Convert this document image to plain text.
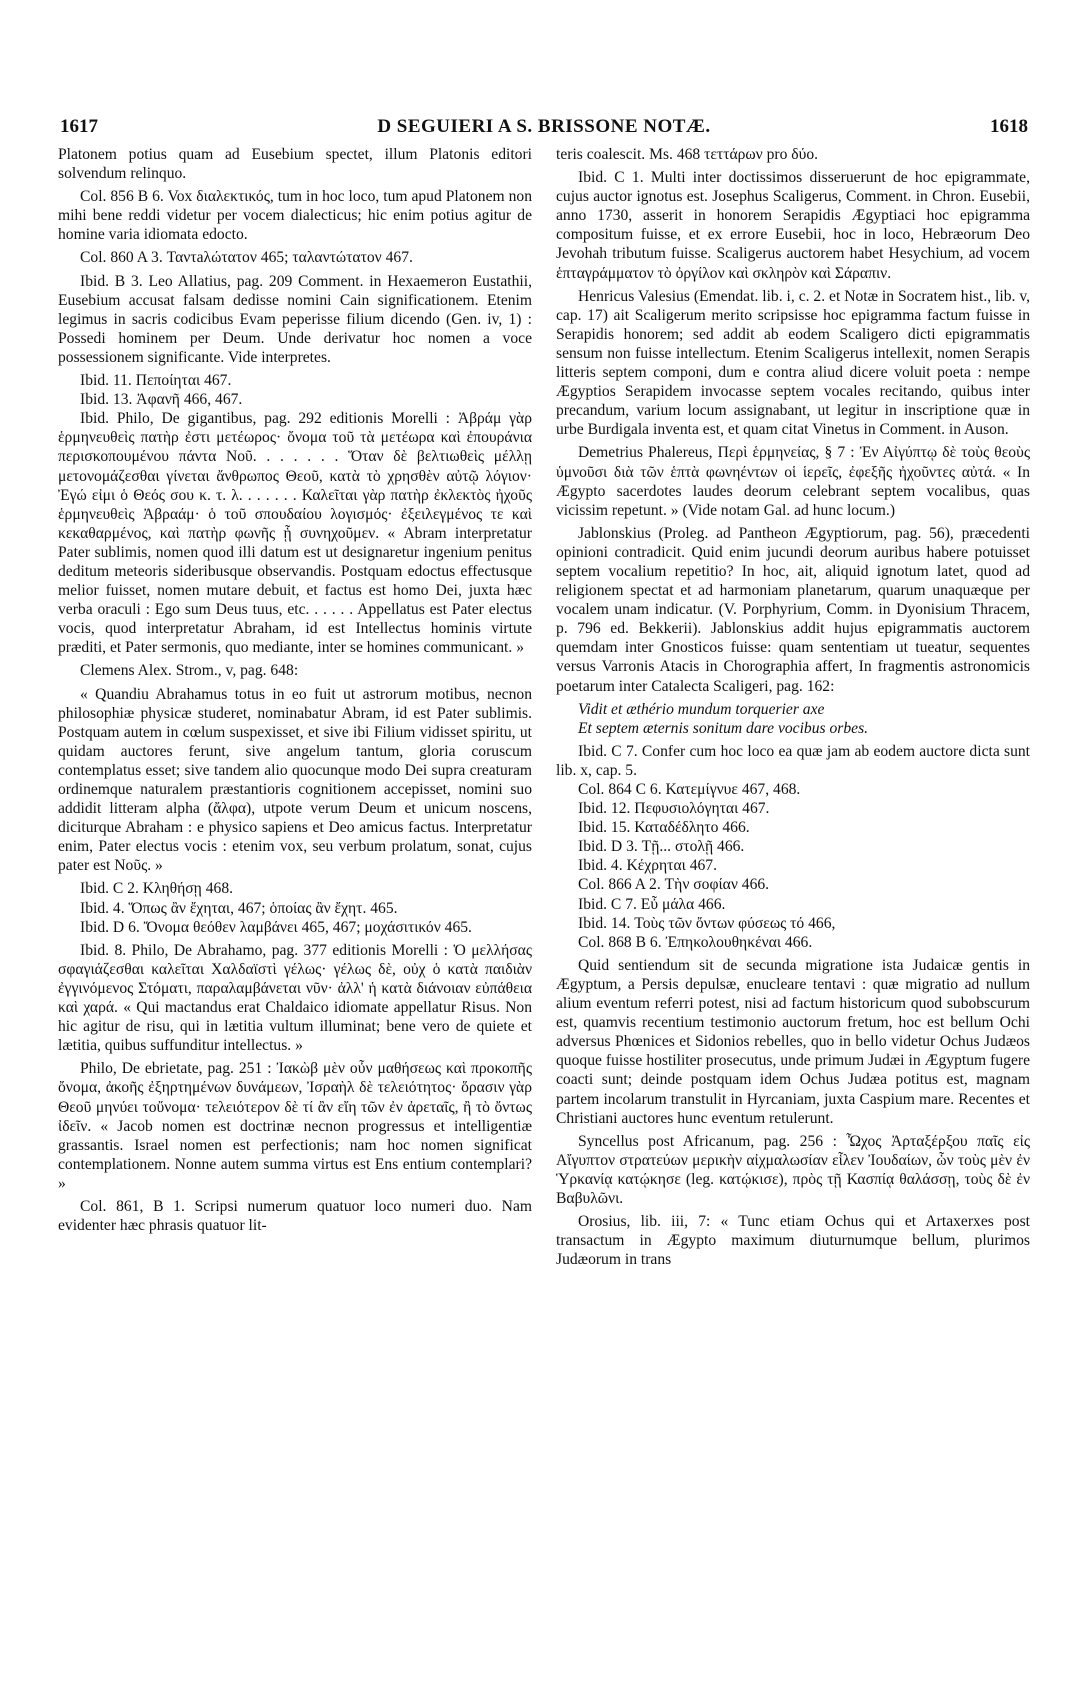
1617	D SEGUIERI A S. BRISSONE NOTÆ.	1618

Platonem potius quam ad Eusebium spectet, illum Platonis editori solvendum relinquo.

Col. 856 B 6. Vox διαλεκτικός, tum in hoc loco, tum apud Platonem non mihi bene reddi videtur per vocem dialecticus; hic enim potius agitur de homine varia idiomata edocto.

Col. 860 A 3. Ταντaλώτατον 465; ταλαντώτατον 467.

Ibid. B 3. Leo Allatius, pag. 209 Comment. in Hexaemeron Eustathii, Eusebium accusat falsam dedisse nomini Cain significationem. Etenim legimus in sacris codicibus Evam peperisse filium dicendo (Gen. iv, 1) : Possedi hominem per Deum. Unde derivatur hoc nomen a voce possessionem significante. Vide interpretes.

Ibid. 11. Πεποίηται 467.

Ibid. 13. Ἀφανῆ 466, 467.

Ibid. Philo, De gigantibus, pag. 292 editionis Morelli : Ἀβράμ γὰρ ἑρμηνευθεὶς πατὴρ ἐστι μετέωρος· ὄνομα τοῦ τὰ μετέωρα καὶ ἐπουράνια περισκοπουμένου πάντα Νοῦ. . . . . . . Ὅταν δὲ βελτιωθεὶς μέλλῃ μετονομάζεσθαι γίνεται ἄνθρωπος Θεοῦ, κατὰ τὸ χρησθὲν αὐτῷ λόγιον· Ἐγώ εἰμι ὁ Θεός σου κ. τ. λ. . . . . . . Καλεῖται γὰρ πατὴρ ἐκλεκτὸς ἠχοῦς ἑρμηνευθεὶς Ἀβραάμ· ὁ τοῦ σπουδαίου λογισμός· ἐξειλεγμένος τε καὶ κεκαθαρμένος, καὶ πατὴρ φωνῆς ᾗ συνηχοῦμεν. « Abram interpretatur Pater sublimis, nomen quod illi datum est ut designaretur ingenium penitus deditum meteoris sideribusque observandis. Postquam edoctus effectusque melior fuisset, nomen mutare debuit, et factus est homo Dei, juxta hæc verba oraculi : Ego sum Deus tuus, etc. . . . . . Appellatus est Pater electus vocis, quod interpretatur Abraham, id est Intellectus hominis virtute præditi, et Pater sermonis, quo mediante, inter se homines communicant. »

Clemens Alex. Strom., v, pag. 648:

« Quandiu Abrahamus totus in eo fuit ut astrorum motibus, necnon philosophiæ physicæ studeret, nominabatur Abram, id est Pater sublimis. Postquam autem in cœlum suspexisset, et sive ibi Filium vidisset spiritu, ut quidam auctores ferunt, sive angelum tantum, gloria coruscum contemplatus esset; sive tandem alio quocunque modo Dei supra creaturam ordinemque naturalem præstantioris cognitionem accepisset, nomini suo addidit litteram alpha (ἄλφα), utpote verum Deum et unicum noscens, diciturque Abraham : e physico sapiens et Deo amicus factus. Interpretatur enim, Pater electus vocis : etenim vox, seu verbum prolatum, sonat, cujus pater est Νοῦς. »

Ibid. C 2. Κληθήσῃ 468.

Ibid. 4. Ὅπως ἂν ἔχηται, 467; ὁποίας ἂν ἔχητ. 465.

Ibid. D 6. Ὄνομα θεόθεν λαμβάνει 465, 467; μοχάσιτικόν 465.

Ibid. 8. Philo, De Abrahamo, pag. 377 editionis Morelli : Ὁ μελλήσας σφαγιάζεσθαι καλεῖται Χαλδαϊστὶ γέλως· γέλως δὲ, οὐχ ὁ κατὰ παιδιὰν ἐγγινόμενος Στόματι, παραλαμβάνεται νῦν· ἀλλ' ἡ κατὰ διάνοιαν εὐπάθεια καὶ χαρά. « Qui mactandus erat Chaldaico idiomate appellatur Risus. Non hic agitur de risu, qui in lætitia vultum illuminat; bene vero de quiete et lætitia, quibus suffunditur intellectus. »

Philo, De ebrietate, pag. 251 : Ἰακὼβ μὲν οὖν μαθήσεως καὶ προκοπῆς ὄνομα, ἀκοῆς ἐξηρτημένων δυνάμεων, Ἰσραὴλ δὲ τελειότητος· ὅρασιν γὰρ Θεοῦ μηνύει τοὔνομα· τελειότερον δὲ τί ἂν εἴη τῶν ἐν ἀρεταῖς, ἢ τὸ ὄντως ἰδεῖν. « Jacob nomen est doctrinæ necnon progressus et intelligentiæ grassantis. Israel nomen est perfectionis; nam hoc nomen significat contemplationem. Nonne autem summa virtus est Ens entium contemplari? »

Col. 861, B 1. Scripsi numerum quatuor loco numeri duo. Nam evidenter hæc phrasis quatuor lit-

teris coalescit. Ms. 468 τεττάρων pro δύο.

Ibid. C 1. Multi inter doctissimos disseruerunt de hoc epigrammate, cujus auctor ignotus est. Josephus Scaligerus, Comment. in Chron. Eusebii, anno 1730, asserit in honorem Serapidis Ægyptiaci hoc epigramma compositum fuisse, et ex errore Eusebii, hoc in loco, Hebræorum Deo Jevohah tributum fuisse. Scaligerus auctorem habet Hesychium, ad vocem ἑπταγράμματον τὸ ὀργίλον καὶ σκληρὸν καὶ Σάραπιν.

Henricus Valesius (Emendat. lib. i, c. 2. et Notæ in Socratem hist., lib. v, cap. 17) ait Scaligerum merito scripsisse hoc epigramma factum fuisse in Serapidis honorem; sed addit ab eodem Scaligero dicti epigrammatis sensum non fuisse intellectum. Etenim Scaligerus intellexit, nomen Serapis litteris septem componi, dum e contra aliud dicere voluit poeta : nempe Ægyptios Serapidem invocasse septem vocales recitando, quibus inter precandum, varium locum assignabant, ut legitur in inscriptione quæ in urbe Burdigala inventa est, et quam citat Vinetus in Comment. in Auson.

Demetrius Phalereus, Περὶ ἑρμηνείας, § 7 : Ἐν Αἰγύπτῳ δὲ τοὺς θεοὺς ὑμνοῦσι διὰ τῶν ἑπτὰ φωνηέντων οἱ ἱερεῖς, ἐφεξῆς ἠχοῦντες αὐτά. « In Ægypto sacerdotes laudes deorum celebrant septem vocalibus, quas vicissim repetunt. » (Vide notam Gal. ad hunc locum.)

Jablonskius (Proleg. ad Pantheon Ægyptiorum, pag. 56), præcedenti opinioni contradicit. Quid enim jucundi deorum auribus habere potuisset septem vocalium repetitio? In hoc, ait, aliquid ignotum latet, quod ad religionem spectat et ad harmoniam planetarum, quarum unaquæque per vocalem unam indicatur. (V. Porphyrium, Comm. in Dyonisium Thracem, p. 796 ed. Bekkerii). Jablonskius addit hujus epigrammatis auctorem quemdam inter Gnosticos fuisse: quam sententiam ut tueatur, sequentes versus Varronis Atacis in Chorographia affert, In fragmentis astronomicis poetarum inter Catalecta Scaligeri, pag. 162:

Vidit et æthério mundum torquerier axe

Et septem æternis sonitum dare vocibus orbes.

Ibid. C 7. Confer cum hoc loco ea quæ jam ab eodem auctore dicta sunt lib. x, cap. 5.

Col. 864 C 6. Κατεμίγνυε 467, 468.

Ibid. 12. Πεφυσιολόγηται 467.

Ibid. 15. Καταδέδλητο 466.

Ibid. D 3. Τῇ... στολῇ 466.

Ibid. 4. Κέχρηται 467.

Col. 866 A 2. Τὴν σοφίαν 466.

Ibid. C 7. Εὖ μάλα 466.

Ibid. 14. Τοὺς τῶν ὄντων φύσεως τό 466,

Col. 868 B 6. Ἐπηκολουθηκέναι 466.

Quid sentiendum sit de secunda migratione ista Judaicæ gentis in Ægyptum, a Persis depulsæ, enucleare tentavi : quæ migratio ad nullum alium eventum referri potest, nisi ad factum historicum quod subobscurum est, quamvis recentium testimonio auctorum fretum, hoc est bellum Ochi adversus Phœnices et Sidonios rebelles, quo in bello videtur Ochus Judæos quoque fuisse hostiliter prosecutus, unde primum Judæi in Ægyptum fugere coacti sunt; deinde postquam idem Ochus Judæa potitus est, magnam partem incolarum transtulit in Hyrcaniam, juxta Caspium mare. Recentes et Christiani auctores hunc eventum retulerunt.

Syncellus post Africanum, pag. 256 : Ὦχος Ἀρταξέρξου παῖς εἰς Αἴγυπτον στρατεύων μερικὴν αἰχμαλωσίαν εἷλεν Ἰουδαίων, ὧν τοὺς μὲν ἐν Ὑρκανίᾳ κατῴκησε (leg. κατῴκισε), πρὸς τῇ Κασπίᾳ θαλάσσῃ, τοὺς δὲ ἐν Βαβυλῶνι.

Orosius, lib. iii, 7: « Tunc etiam Ochus qui et Artaxerxes post transactum in Ægypto maximum diuturnumque bellum, plurimos Judæorum in trans
